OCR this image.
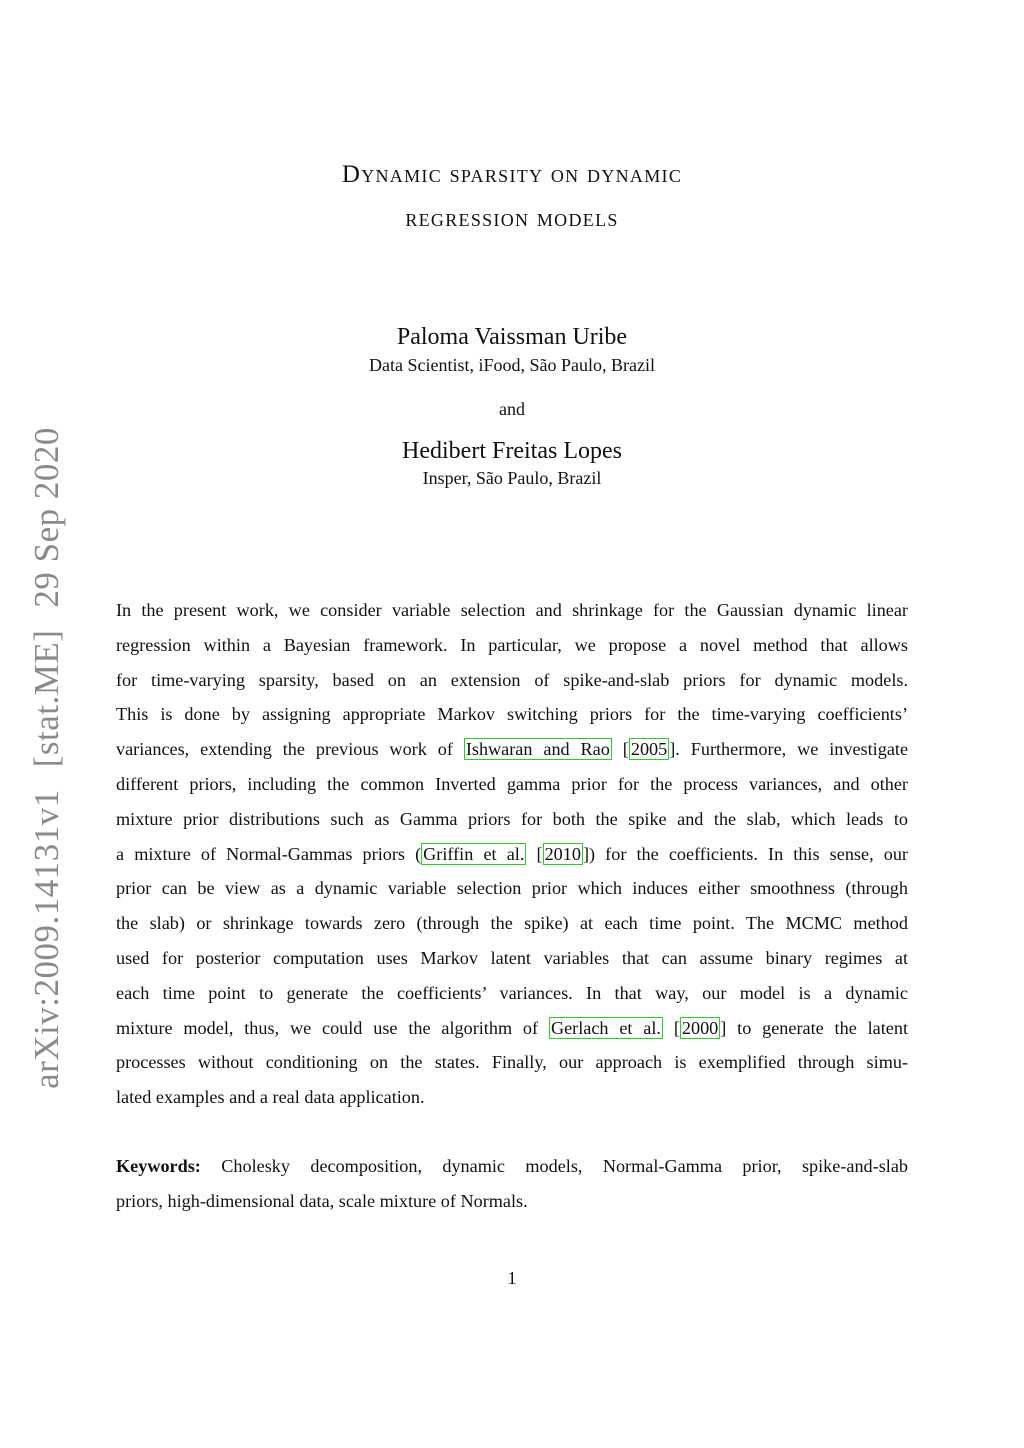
arXiv:2009.14131v1[stat.ME]29 Sep 2020
Dynamic sparsity on dynamic
regression models
Paloma Vaissman Uribe
Data Scientist, iFood, São Paulo, Brazil
and
Hedibert Freitas Lopes
Insper, São Paulo, Brazil
In the present work, we consider variable selection and shrinkage for the Gaussian dynamic linear
regression within a Bayesian framework. In particular, we propose a novel method that allows
for time-varying sparsity, based on an extension of spike-and-slab priors for dynamic models.
This is done by assigning appropriate Markov switching priors for the time-varying coefficients’
variances, extending the previous work of Ishwaran and Rao [ 2005 ]. Furthermore, we investigate
different priors, including the common Inverted gamma prior for the process variances, and other
mixture prior distributions such as Gamma priors for both the spike and the slab, which leads to
a mixture of Normal-Gammas priors ( Griffin et al. [ 2010 ]) for the coefficients. In this sense, our
prior can be view as a dynamic variable selection prior which induces either smoothness (through
the slab) or shrinkage towards zero (through the spike) at each time point. The MCMC method
used for posterior computation uses Markov latent variables that can assume binary regimes at
each time point to generate the coefficients’ variances. In that way, our model is a dynamic
mixture model, thus, we could use the algorithm of Gerlach et al. [ 2000 ] to generate the latent
processes without conditioning on the states. Finally, our approach is exemplified through simu-
lated examples and a real data application.
Keywords: Cholesky decomposition, dynamic models, Normal-Gamma prior, spike-and-slab
priors, high-dimensional data, scale mixture of Normals.
1
